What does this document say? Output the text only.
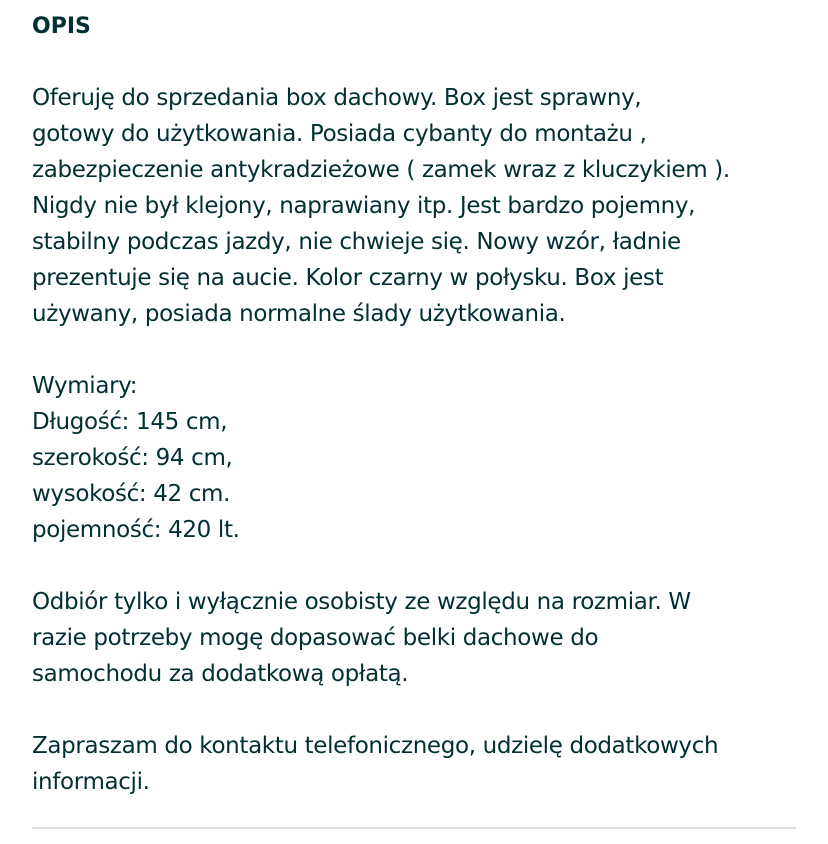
OPIS

Oferuję do sprzedania box dachowy. Box jest sprawny,
gotowy do użytkowania. Posiada cybanty do montażu ,
zabezpieczenie antykradzieżowe ( zamek wraz z kluczykiem ).
Nigdy nie był klejony, naprawiany itp. Jest bardzo pojemny,
stabilny podczas jazdy, nie chwieje się. Nowy wzór, ładnie
prezentuje się na aucie. Kolor czarny w połysku. Box jest
używany, posiada normalne ślady użytkowania.

Wymiary:
Długość: 145 cm,
szerokość: 94 cm,
wysokość: 42 cm.
pojemność: 420 lt.

Odbiór tylko i wyłącznie osobisty ze względu na rozmiar. W
razie potrzeby mogę dopasować belki dachowe do
samochodu za dodatkową opłatą.

Zapraszam do kontaktu telefonicznego, udzielę dodatkowych
informacji.
